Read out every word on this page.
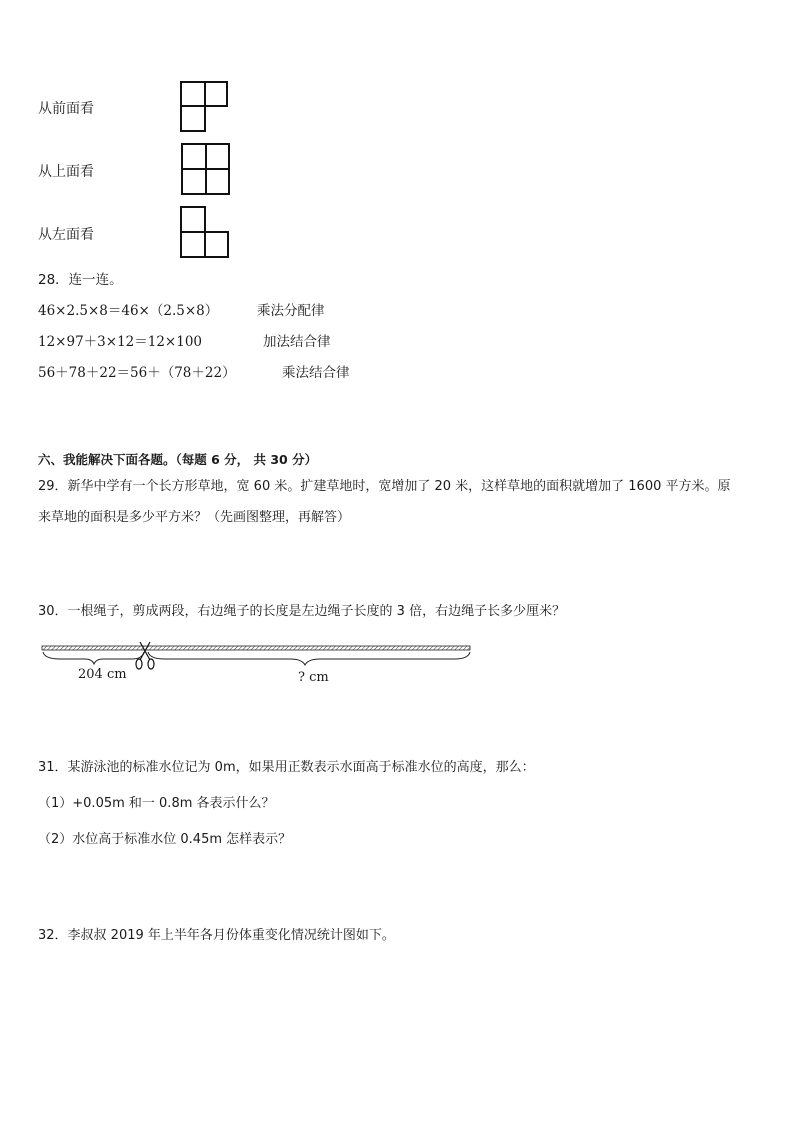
从前面看
从上面看
从左面看
28．连一连。
46×2.5×8＝46×（2.5×8）	乘法分配律
12×97＋3×12＝12×100	加法结合律
56＋78＋22＝56＋（78＋22）	乘法结合律
六、我能解决下面各题。（每题 6 分， 共 30 分）
29．新华中学有一个长方形草地，宽 60 米。扩建草地时，宽增加了 20 米，这样草地的面积就增加了 1600 平方米。原
来草地的面积是多少平方米？（先画图整理，再解答）
30．一根绳子，剪成两段，右边绳子的长度是左边绳子长度的 3 倍，右边绳子长多少厘米？
204 cm	? cm
31．某游泳池的标准水位记为 0m，如果用正数表示水面高于标准水位的高度，那么：
（1）+0.05m 和一 0.8m 各表示什么？
（2）水位高于标准水位 0.45m 怎样表示？
32．李叔叔 2019 年上半年各月份体重变化情况统计图如下。
